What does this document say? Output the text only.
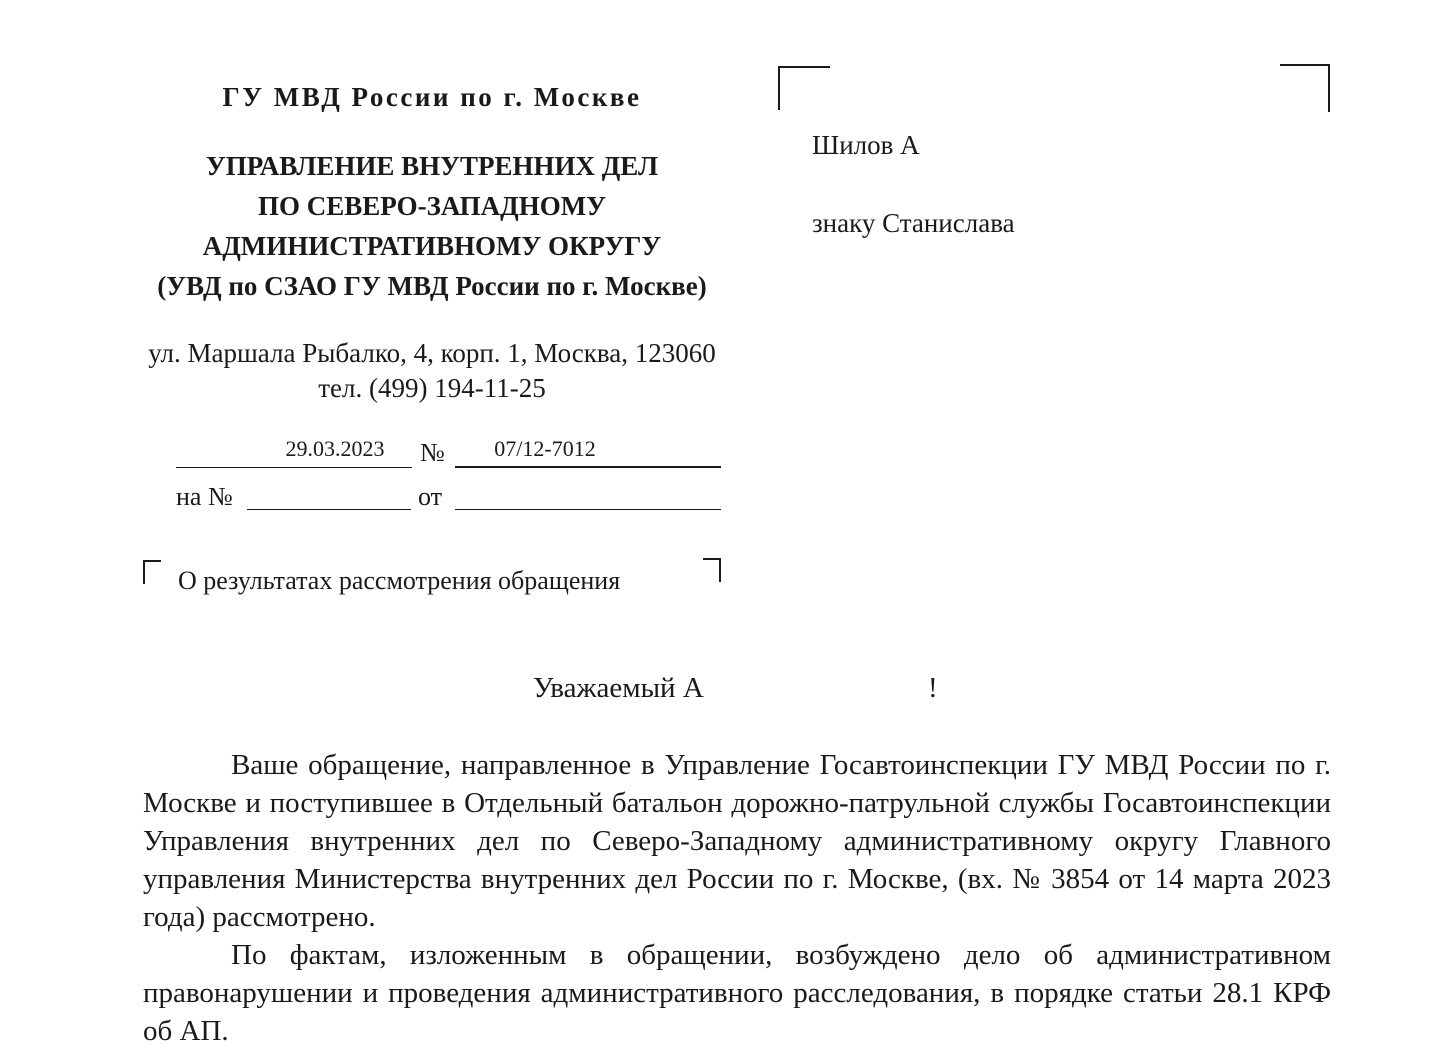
ГУ МВД России по г. Москве
УПРАВЛЕНИЕ ВНУТРЕННИХ ДЕЛ
ПО СЕВЕРО-ЗАПАДНОМУ
АДМИНИСТРАТИВНОМУ ОКРУГУ
(УВД по СЗАО ГУ МВД России по г. Москве)
ул. Маршала Рыбалко, 4, корп. 1, Москва, 123060
тел. (499) 194-11-25
29.03.2023	№	07/12-7012
на №	от
О результатах рассмотрения обращения
Шилов А
знаку Станислава
Уважаемый А	!

Ваше обращение, направленное в Управление Госавтоинспекции ГУ МВД России по г. Москве и поступившее в Отдельный батальон дорожно-патрульной службы Госавтоинспекции Управления внутренних дел по Северо-Западному административному округу Главного управления Министерства внутренних дел России по г. Москве, (вх. № 3854 от 14 марта 2023 года) рассмотрено.

По фактам, изложенным в обращении, возбуждено дело об административном правонарушении и проведения административного расследования, в порядке статьи 28.1 КРФ об АП.
